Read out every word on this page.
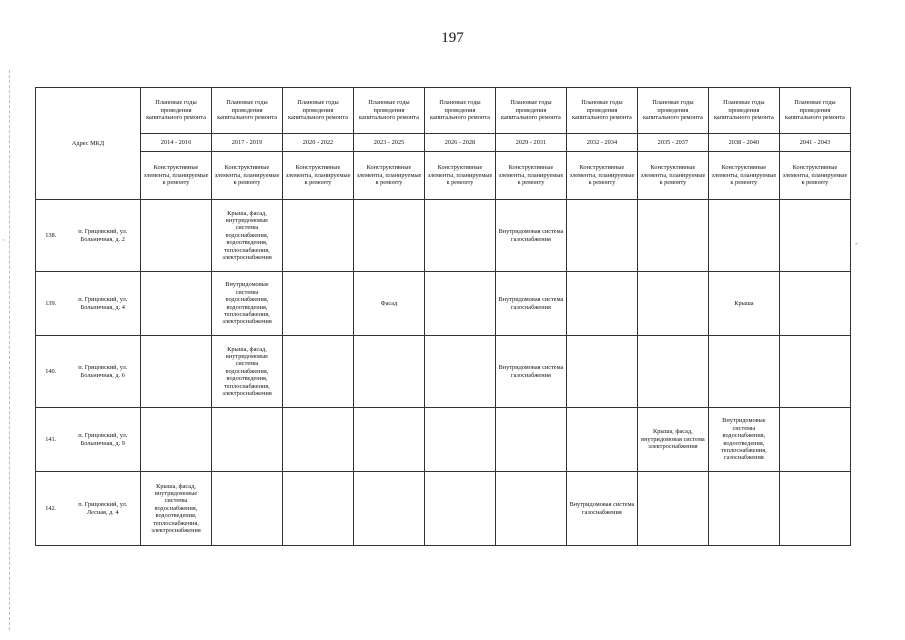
197
·	-
Адрес МКД		Плановые годы проведения капитального ремонта	Плановые годы проведения капитального ремонта	Плановые годы проведения капитального ремонта	Плановые годы проведения капитального ремонта	Плановые годы проведения капитального ремонта	Плановые годы проведения капитального ремонта	Плановые годы проведения капитального ремонта	Плановые годы проведения капитального ремонта	Плановые годы проведения капитального ремонта	Плановые годы проведения капитального ремонта
		2014 - 2016	2017 - 2019	2020 - 2022	2023 - 2025	2026 - 2028	2029 - 2031	2032 - 2034	2035 - 2037	2038 - 2040	2041 - 2043
		Конструктивные элементы, планируемые к ремонту	Конструктивные элементы, планируемые к ремонту	Конструктивные элементы, планируемые к ремонту	Конструктивные элементы, планируемые к ремонту	Конструктивные элементы, планируемые к ремонту	Конструктивные элементы, планируемые к ремонту	Конструктивные элементы, планируемые к ремонту	Конструктивные элементы, планируемые к ремонту	Конструктивные элементы, планируемые к ремонту	Конструктивные элементы, планируемые к ремонту
138.	п. Грицовский, ул. Больничная, д. 2		Крыша, фасад, внутридомовые системы водоснабжения, водоотведения, теплоснабжения, электроснабжения				Внутридомовая система газоснабжения				
139.	п. Грицовский, ул. Больничная, д. 4		Внутридомовые системы водоснабжения, водоотведения, теплоснабжения, электроснабжения		Фасад		Внутридомовая система газоснабжения			Крыша	
140.	п. Грицовский, ул. Больничная, д. 6		Крыша, фасад, внутридомовые системы водоснабжения, водоотведения, теплоснабжения, электроснабжения				Внутридомовая система газоснабжения				
141.	п. Грицовский, ул. Больничная, д. 9								Крыша, фасад, внутридомовая система электроснабжения	Внутридомовые системы водоснабжения, водоотведения, теплоснабжения, газоснабжения	
142.	п. Грицовский, ул. Лесная, д. 4	Крыша, фасад, внутридомовые системы водоснабжения, водоотведения, теплоснабжения, электроснабжения						Внутридомовая система газоснабжения			
